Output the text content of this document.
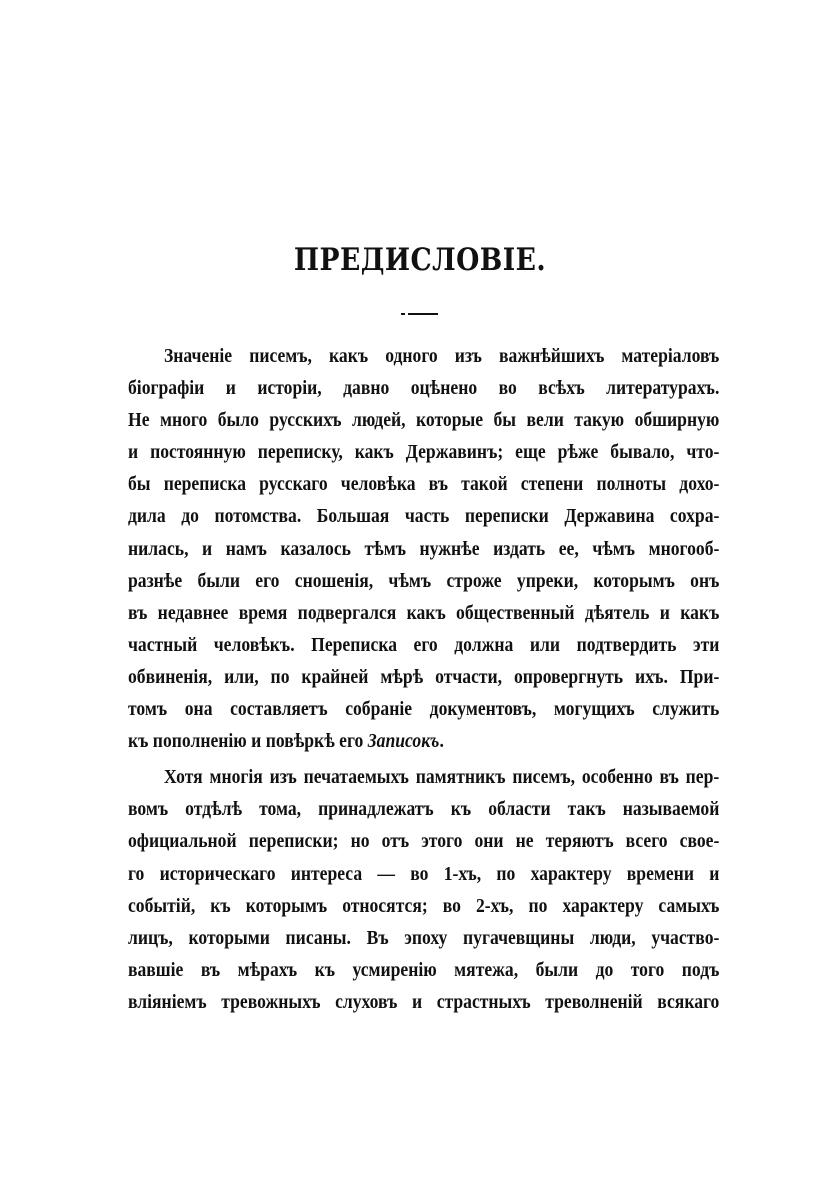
ПРЕДИСЛОВІЕ.
Значеніе писемъ, какъ одного изъ важнѣйшихъ матеріаловъ
біографіи и исторіи, давно оцѣнено во всѣхъ литературахъ.
Не много было русскихъ людей, которые бы вели такую обширную
и постоянную переписку, какъ Державинъ; еще рѣже бывало, что-
бы переписка русскаго человѣка въ такой степени полноты дохо-
дила до потомства. Большая часть переписки Державина сохра-
нилась, и намъ казалось тѣмъ нужнѣе издать ее, чѣмъ многооб-
разнѣе были его сношенія, чѣмъ строже упреки, которымъ онъ
въ недавнее время подвергался какъ общественный дѣятель и какъ
частный человѣкъ. Переписка его должна или подтвердить эти
обвиненія, или, по крайней мѣрѣ отчасти, опровергнуть ихъ. При-
томъ она составляетъ собраніе документовъ, могущихъ служить
къ пополненію и повѣркѣ его Записокъ.
Хотя многія изъ печатаемыхъ памятникъ писемъ, особенно въ пер-
вомъ отдѣлѣ тома, принадлежатъ къ области такъ называемой
официальной переписки; но отъ этого они не теряютъ всего свое-
го историческаго интереса — во 1-хъ, по характеру времени и
событій, къ которымъ относятся; во 2-хъ, по характеру самыхъ
лицъ, которыми писаны. Въ эпоху пугачевщины люди, участво-
вавшіе въ мѣрахъ къ усмиренію мятежа, были до того подъ
вліяніемъ тревожныхъ слуховъ и страстныхъ треволненій всякаго
